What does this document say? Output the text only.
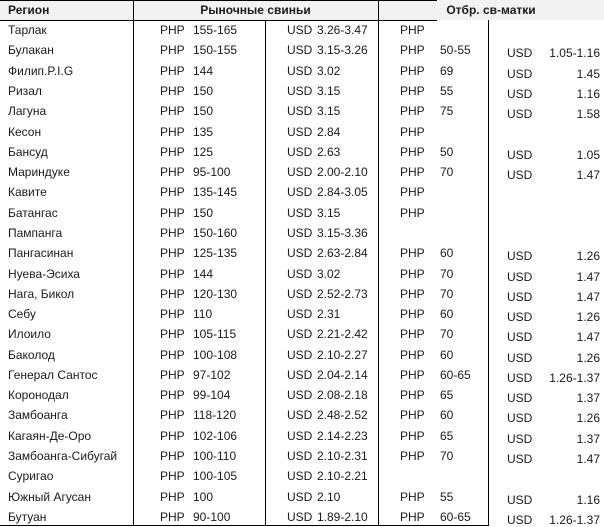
Регион	Рыночные свиньи	Отбр. св-матки
Тарлак	PHP 155-165	USD 3.26-3.47	PHP
Булакан	PHP 150-155	USD 3.15-3.26	PHP	50-55	USD	1.05-1.16
Филип.P.I.G	PHP 144	USD 3.02	PHP	69	USD	1.45
Ризал	PHP 150	USD 3.15	PHP	55	USD	1.16
Лагуна	PHP 150	USD 3.15	PHP	75	USD	1.58
Кесон	PHP 135	USD 2.84	PHP
Бансуд	PHP 125	USD 2.63	PHP	50	USD	1.05
Мариндуке	PHP 95-100	USD 2.00-2.10	PHP	70	USD	1.47
Кавите	PHP 135-145	USD 2.84-3.05	PHP
Батангас	PHP 150	USD 3.15	PHP
Пампанга	PHP 150-160	USD 3.15-3.36
Пангасинан	PHP 125-135	USD 2.63-2.84	PHP	60	USD	1.26
Нуева-Эсиха	PHP 144	USD 3.02	PHP	70	USD	1.47
Нага, Бикол	PHP 120-130	USD 2.52-2.73	PHP	70	USD	1.47
Себу	PHP 110	USD 2.31	PHP	60	USD	1.26
Илоило	PHP 105-115	USD 2.21-2.42	PHP	70	USD	1.47
Баколод	PHP 100-108	USD 2.10-2.27	PHP	60	USD	1.26
Генерал Сантос	PHP 97-102	USD 2.04-2.14	PHP	60-65	USD	1.26-1.37
Коронодал	PHP 99-104	USD 2.08-2.18	PHP	65	USD	1.37
Замбоанга	PHP 118-120	USD 2.48-2.52	PHP	60	USD	1.26
Кагаян-Де-Оро	PHP 102-106	USD 2.14-2.23	PHP	65	USD	1.37
Замбоанга-Сибугай	PHP 100-110	USD 2.10-2.31	PHP	70	USD	1.47
Суригао	PHP 100-105	USD 2.10-2.21
Южный Агусан	PHP 100	USD 2.10	PHP	55	USD	1.16
Бутуан	PHP 90-100	USD 1.89-2.10	PHP	60-65	USD	1.26-1.37
